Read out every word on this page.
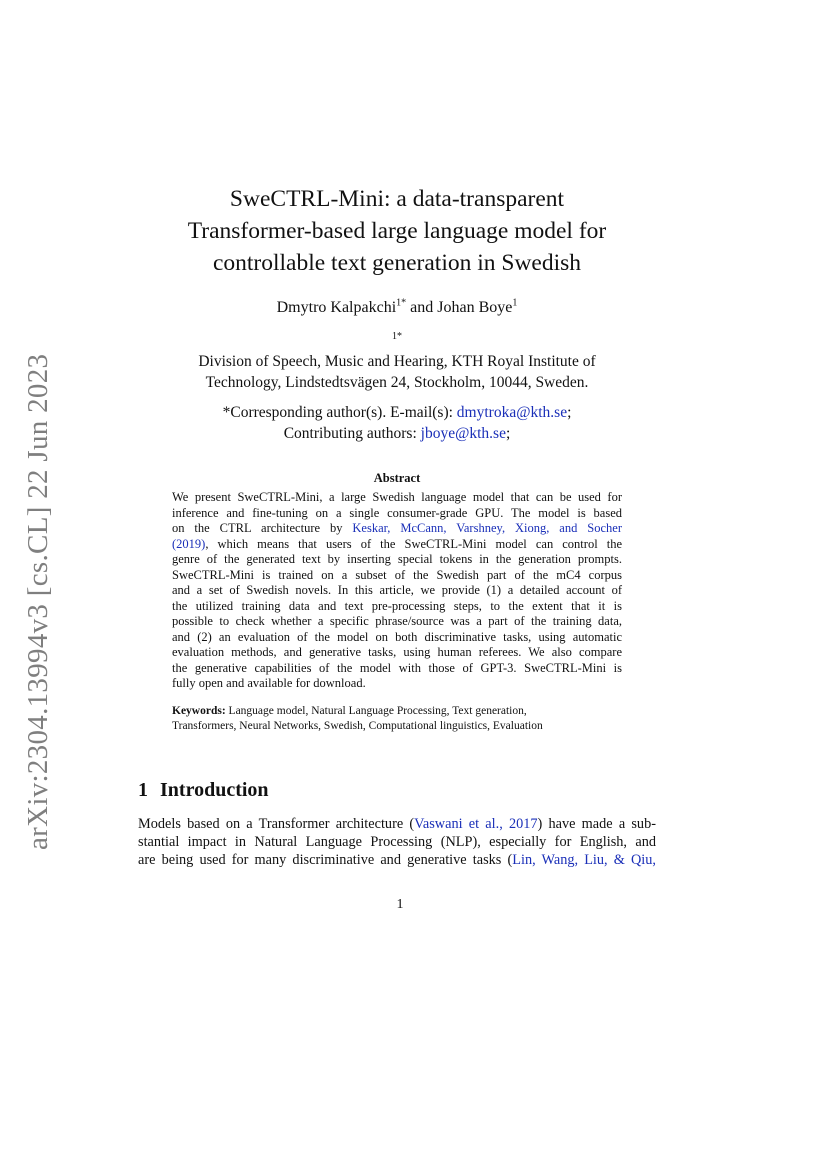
arXiv:2304.13994v3 [cs.CL] 22 Jun 2023
SweCTRL-Mini: a data-transparent
Transformer-based large language model for
controllable text generation in Swedish
Dmytro Kalpakchi$^{1*}$ and Johan Boye$^1$
$^{1*}$
Division of Speech, Music and Hearing, KTH Royal Institute of
Technology, Lindstedtsvägen 24, Stockholm, 10044, Sweden.
*Corresponding author(s). E-mail(s): dmytroka@kth.se;
Contributing authors: jboye@kth.se;
Abstract
We present SweCTRL-Mini, a large Swedish language model that can be used for
inference and fine-tuning on a single consumer-grade GPU. The model is based
on the CTRL architecture by Keskar, McCann, Varshney, Xiong, and Socher
(2019), which means that users of the SweCTRL-Mini model can control the
genre of the generated text by inserting special tokens in the generation prompts.
SweCTRL-Mini is trained on a subset of the Swedish part of the mC4 corpus
and a set of Swedish novels. In this article, we provide (1) a detailed account of
the utilized training data and text pre-processing steps, to the extent that it is
possible to check whether a specific phrase/source was a part of the training data,
and (2) an evaluation of the model on both discriminative tasks, using automatic
evaluation methods, and generative tasks, using human referees. We also compare
the generative capabilities of the model with those of GPT-3. SweCTRL-Mini is
fully open and available for download.
Keywords: Language model, Natural Language Processing, Text generation,
Transformers, Neural Networks, Swedish, Computational linguistics, Evaluation
1 Introduction
Models based on a Transformer architecture (Vaswani et al., 2017) have made a sub-
stantial impact in Natural Language Processing (NLP), especially for English, and
are being used for many discriminative and generative tasks (Lin, Wang, Liu, & Qiu,
1
